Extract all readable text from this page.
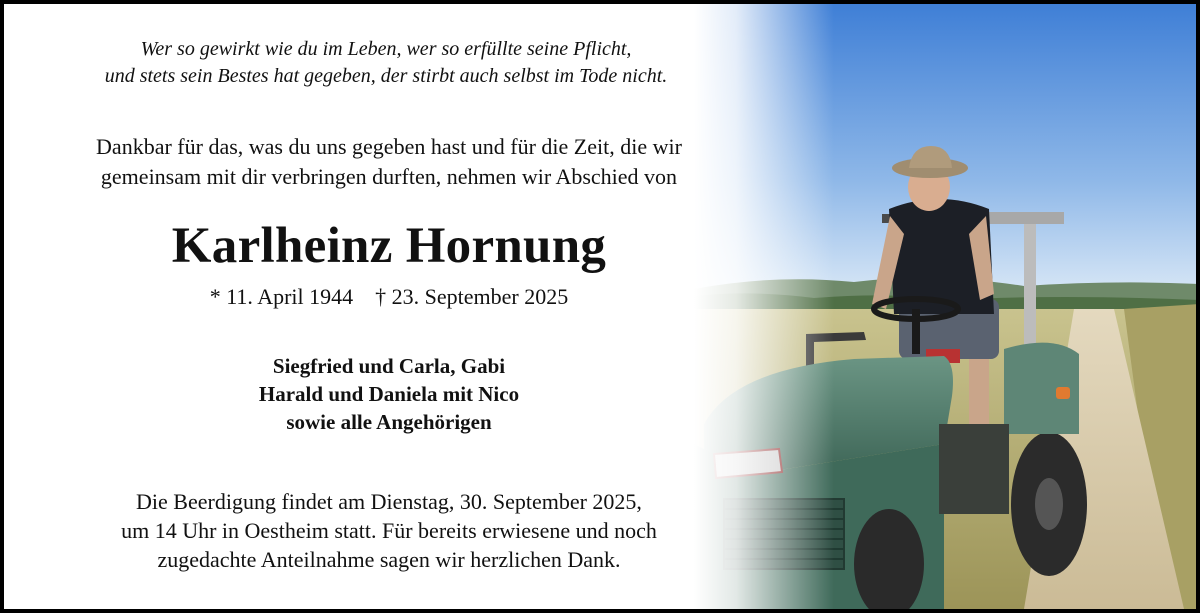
Wer so gewirkt wie du im Leben, wer so erfüllte seine Pflicht,
und stets sein Bestes hat gegeben, der stirbt auch selbst im Tode nicht.
Dankbar für das, was du uns gegeben hast und für die Zeit, die wir
gemeinsam mit dir verbringen durften, nehmen wir Abschied von
Karlheinz Hornung
* 11. April 1944 † 23. September 2025
Siegfried und Carla, Gabi
Harald und Daniela mit Nico
sowie alle Angehörigen
Die Beerdigung findet am Dienstag, 30. September 2025,
um 14 Uhr in Oestheim statt. Für bereits erwiesene und noch
zugedachte Anteilnahme sagen wir herzlichen Dank.
